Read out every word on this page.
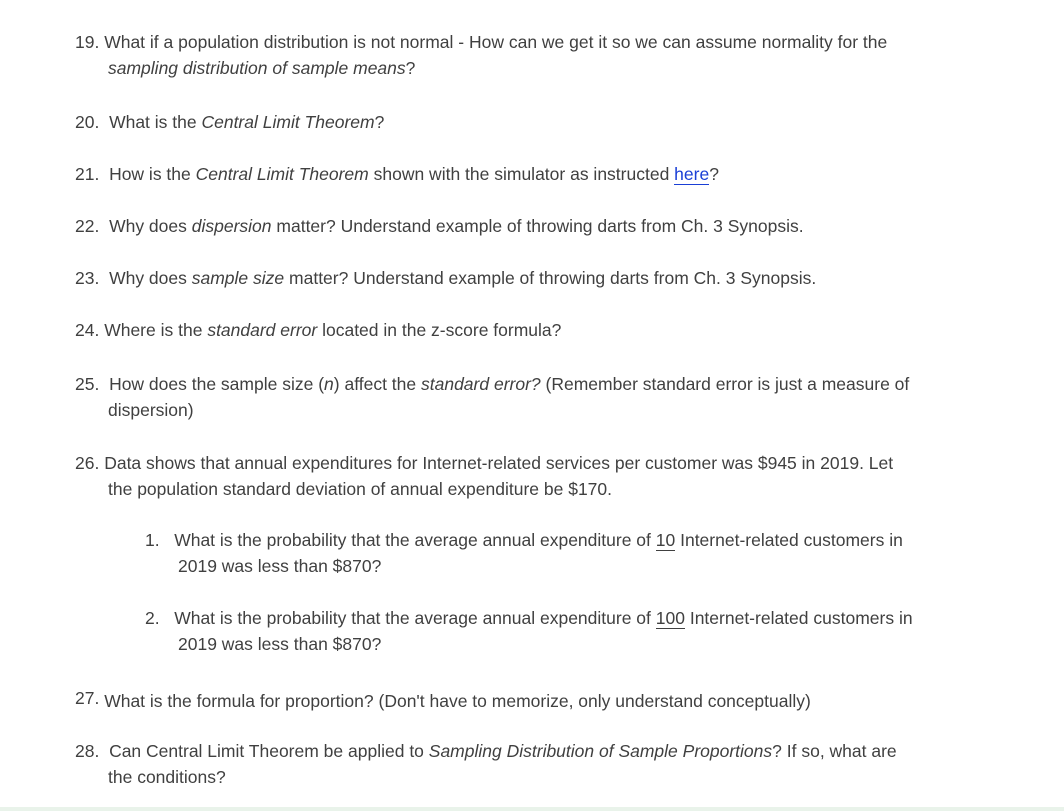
19. What if a population distribution is not normal - How can we get it so we can assume normality for the
sampling distribution of sample means?
20. What is the Central Limit Theorem?
21. How is the Central Limit Theorem shown with the simulator as instructed here?
22. Why does dispersion matter? Understand example of throwing darts from Ch. 3 Synopsis.
23. Why does sample size matter? Understand example of throwing darts from Ch. 3 Synopsis.
24. Where is the standard error located in the z-score formula?
25. How does the sample size (n) affect the standard error? (Remember standard error is just a measure of
dispersion)
26. Data shows that annual expenditures for Internet-related services per customer was $945 in 2019. Let
the population standard deviation of annual expenditure be $170.
1. What is the probability that the average annual expenditure of 10 Internet-related customers in
2019 was less than $870?
2. What is the probability that the average annual expenditure of 100 Internet-related customers in
2019 was less than $870?
27. What is the formula for proportion? (Don't have to memorize, only understand conceptually)
28. Can Central Limit Theorem be applied to Sampling Distribution of Sample Proportions? If so, what are
the conditions?
